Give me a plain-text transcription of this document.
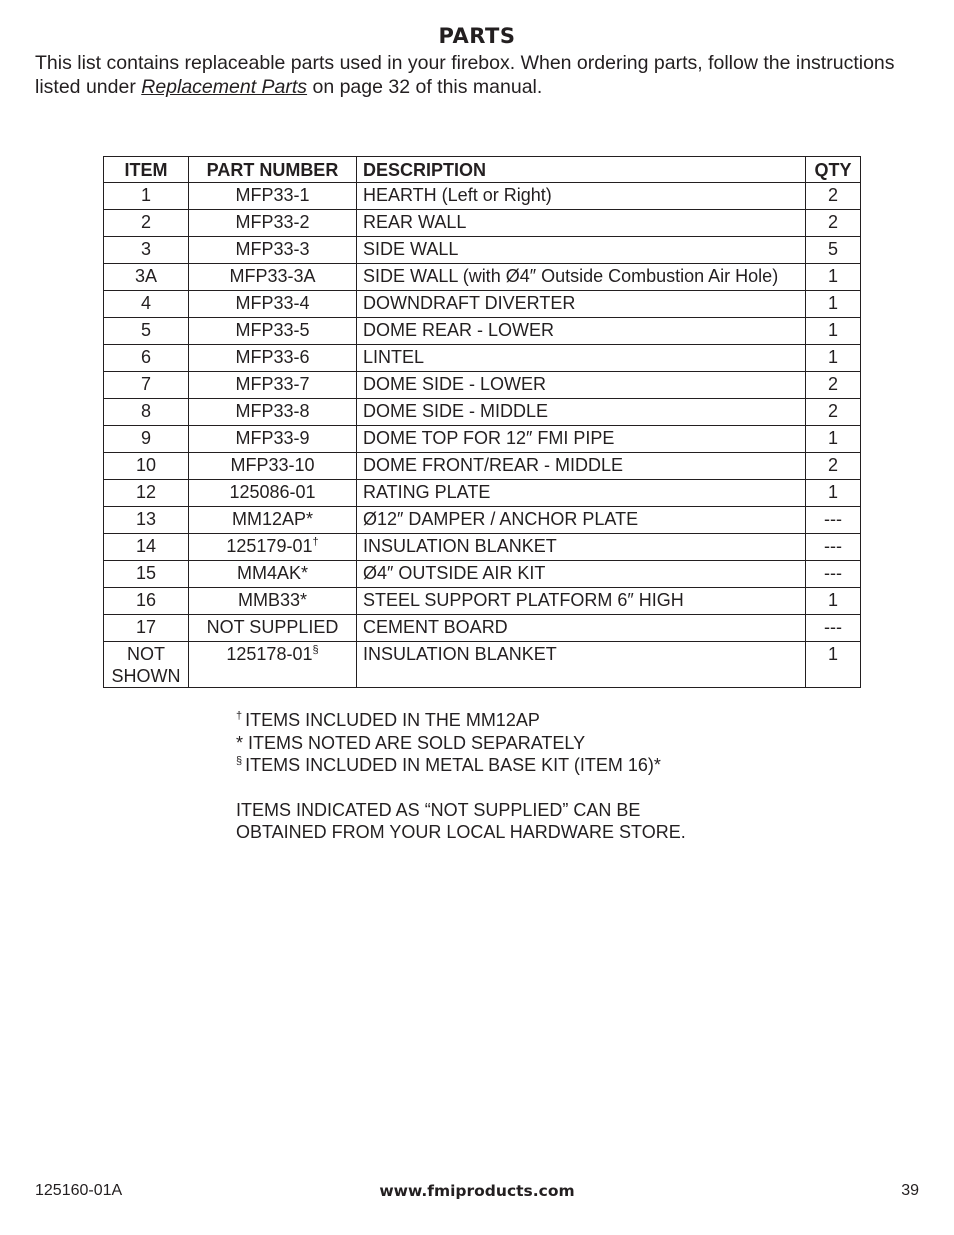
PARTS
This list contains replaceable parts used in your firebox. When ordering parts, follow the instructions listed under Replacement Parts on page 32 of this manual.
ITEM	PART NUMBER	DESCRIPTION	QTY
1	MFP33-1	HEARTH (Left or Right)	2
2	MFP33-2	REAR WALL	2
3	MFP33-3	SIDE WALL	5
3A	MFP33-3A	SIDE WALL (with Ø4″ Outside Combustion Air Hole)	1
4	MFP33-4	DOWNDRAFT DIVERTER	1
5	MFP33-5	DOME REAR - LOWER	1
6	MFP33-6	LINTEL	1
7	MFP33-7	DOME SIDE - LOWER	2
8	MFP33-8	DOME SIDE - MIDDLE	2
9	MFP33-9	DOME TOP FOR 12″ FMI PIPE	1
10	MFP33-10	DOME FRONT/REAR - MIDDLE	2
12	125086-01	RATING PLATE	1
13	MM12AP*	Ø12″ DAMPER / ANCHOR PLATE	---
14	125179-01†	INSULATION BLANKET	---
15	MM4AK*	Ø4″ OUTSIDE AIR KIT	---
16	MMB33*	STEEL SUPPORT PLATFORM 6″ HIGH	1
17	NOT SUPPLIED	CEMENT BOARD	---
NOT
SHOWN	125178-01§	INSULATION BLANKET	1
† ITEMS INCLUDED IN THE MM12AP
* ITEMS NOTED ARE SOLD SEPARATELY
§ ITEMS INCLUDED IN METAL BASE KIT (ITEM 16)*
ITEMS INDICATED AS “NOT SUPPLIED” CAN BE
OBTAINED FROM YOUR LOCAL HARDWARE STORE.
125160-01A	www.fmiproducts.com	39
